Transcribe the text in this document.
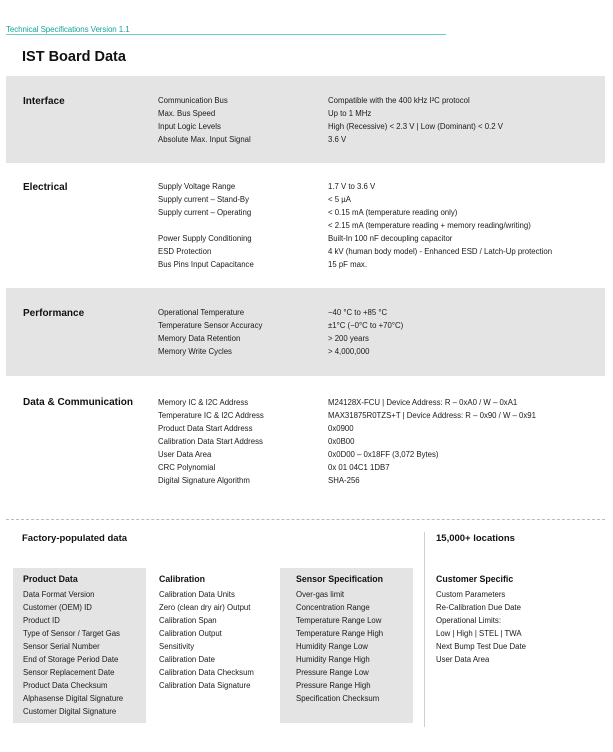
Technical Specifications Version 1.1
IST Board Data
Interface	Communication Bus	Compatible with the 400 kHz I²C protocol
Max. Bus Speed	Up to 1 MHz
Input Logic Levels	High (Recessive) < 2.3 V | Low (Dominant) < 0.2 V
Absolute Max. Input Signal	3.6 V
Electrical	Supply Voltage Range	1.7 V to 3.6 V
Supply current – Stand-By	< 5 µA
Supply current – Operating	< 0.15 mA (temperature reading only)
< 2.15 mA (temperature reading + memory reading/writing)
Power Supply Conditioning	Built-In 100 nF decoupling capacitor
ESD Protection	4 kV (human body model) - Enhanced ESD / Latch-Up protection
Bus Pins Input Capacitance	15 pF max.
Performance	Operational Temperature	−40 °C to +85 °C
Temperature Sensor Accuracy	±1°C (−0°C to +70°C)
Memory Data Retention	> 200 years
Memory Write Cycles	> 4,000,000
Data & Communication	Memory IC & I2C Address	M24128X-FCU | Device Address: R – 0xA0 / W – 0xA1
Temperature IC & I2C Address	MAX31875R0TZS+T | Device Address: R – 0x90 / W – 0x91
Product Data Start Address	0x0900
Calibration Data Start Address	0x0B00
User Data Area	0x0D00 – 0x18FF (3,072 Bytes)
CRC Polynomial	0x 01 04C1 1DB7
Digital Signature Algorithm	SHA-256
Factory-populated data	15,000+ locations
Product Data
Data Format Version
Customer (OEM) ID
Product ID
Type of Sensor / Target Gas
Sensor Serial Number
End of Storage Period Date
Sensor Replacement Date
Product Data Checksum
Alphasense Digital Signature
Customer Digital Signature
Calibration
Calibration Data Units
Zero (clean dry air) Output
Calibration Span
Calibration Output
Sensitivity
Calibration Date
Calibration Data Checksum
Calibration Data Signature
Sensor Specification
Over-gas limit
Concentration Range
Temperature Range Low
Temperature Range High
Humidity Range Low
Humidity Range High
Pressure Range Low
Pressure Range High
Specification Checksum
Customer Specific
Custom Parameters
Re-Calibration Due Date
Operational Limits:
Low | High | STEL | TWA
Next Bump Test Due Date
User Data Area
